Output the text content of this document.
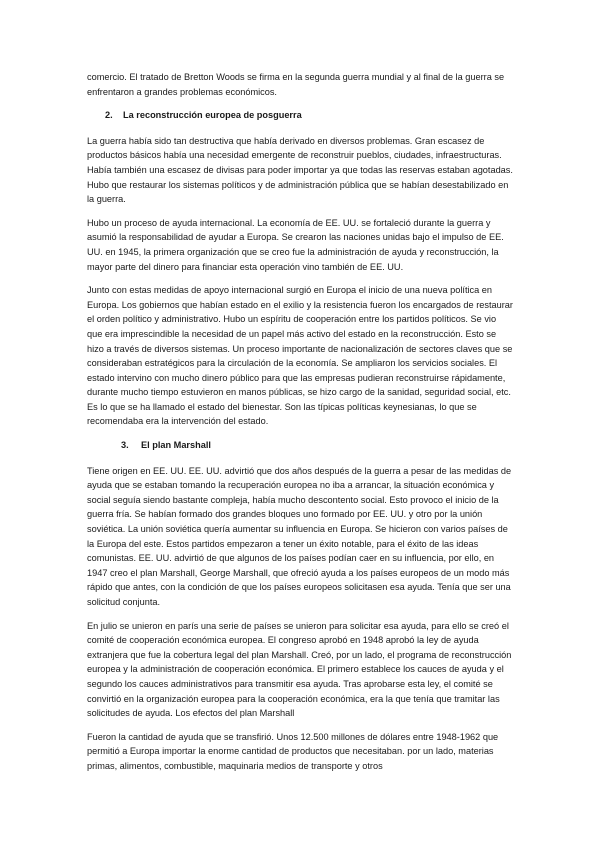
comercio. El tratado de Bretton Woods se firma en la segunda guerra mundial y al final de la guerra se enfrentaron a grandes problemas económicos.

2. La reconstrucción europea de posguerra

La guerra había sido tan destructiva que había derivado en diversos problemas. Gran escasez de productos básicos había una necesidad emergente de reconstruir pueblos, ciudades, infraestructuras. Había también una escasez de divisas para poder importar ya que todas las reservas estaban agotadas. Hubo que restaurar los sistemas políticos y de administración pública que se habían desestabilizado en la guerra.

Hubo un proceso de ayuda internacional. La economía de EE. UU. se fortaleció durante la guerra y asumió la responsabilidad de ayudar a Europa. Se crearon las naciones unidas bajo el impulso de EE. UU. en 1945, la primera organización que se creo fue la administración de ayuda y reconstrucción, la mayor parte del dinero para financiar esta operación vino también de EE. UU.

Junto con estas medidas de apoyo internacional surgió en Europa el inicio de una nueva política en Europa. Los gobiernos que habían estado en el exilio y la resistencia fueron los encargados de restaurar el orden político y administrativo. Hubo un espíritu de cooperación entre los partidos políticos. Se vio que era imprescindible la necesidad de un papel más activo del estado en la reconstrucción. Esto se hizo a través de diversos sistemas. Un proceso importante de nacionalización de sectores claves que se consideraban estratégicos para la circulación de la economía. Se ampliaron los servicios sociales. El estado intervino con mucho dinero público para que las empresas pudieran reconstruirse rápidamente, durante mucho tiempo estuvieron en manos públicas, se hizo cargo de la sanidad, seguridad social, etc. Es lo que se ha llamado el estado del bienestar. Son las típicas políticas keynesianas, lo que se recomendaba era la intervención del estado.

3. El plan Marshall

Tiene origen en EE. UU. EE. UU. advirtió que dos años después de la guerra a pesar de las medidas de ayuda que se estaban tomando la recuperación europea no iba a arrancar, la situación económica y social seguía siendo bastante compleja, había mucho descontento social. Esto provoco el inicio de la guerra fría. Se habían formado dos grandes bloques uno formado por EE. UU. y otro por la unión soviética. La unión soviética quería aumentar su influencia en Europa. Se hicieron con varios países de la Europa del este. Estos partidos empezaron a tener un éxito notable, para el éxito de las ideas comunistas. EE. UU. advirtió de que algunos de los países podían caer en su influencia, por ello, en 1947 creo el plan Marshall, George Marshall, que ofreció ayuda a los países europeos de un modo más rápido que antes, con la condición de que los países europeos solicitasen esa ayuda. Tenía que ser una solicitud conjunta.

En julio se unieron en parís una serie de países se unieron para solicitar esa ayuda, para ello se creó el comité de cooperación económica europea. El congreso aprobó en 1948 aprobó la ley de ayuda extranjera que fue la cobertura legal del plan Marshall. Creó, por un lado, el programa de reconstrucción europea y la administración de cooperación económica. El primero establece los cauces de ayuda y el segundo los cauces administrativos para transmitir esa ayuda. Tras aprobarse esta ley, el comité se convirtió en la organización europea para la cooperación económica, era la que tenía que tramitar las solicitudes de ayuda. Los efectos del plan Marshall

Fueron la cantidad de ayuda que se transfirió. Unos 12.500 millones de dólares entre 1948-1962 que permitió a Europa importar la enorme cantidad de productos que necesitaban. por un lado, materias primas, alimentos, combustible, maquinaria medios de transporte y otros
